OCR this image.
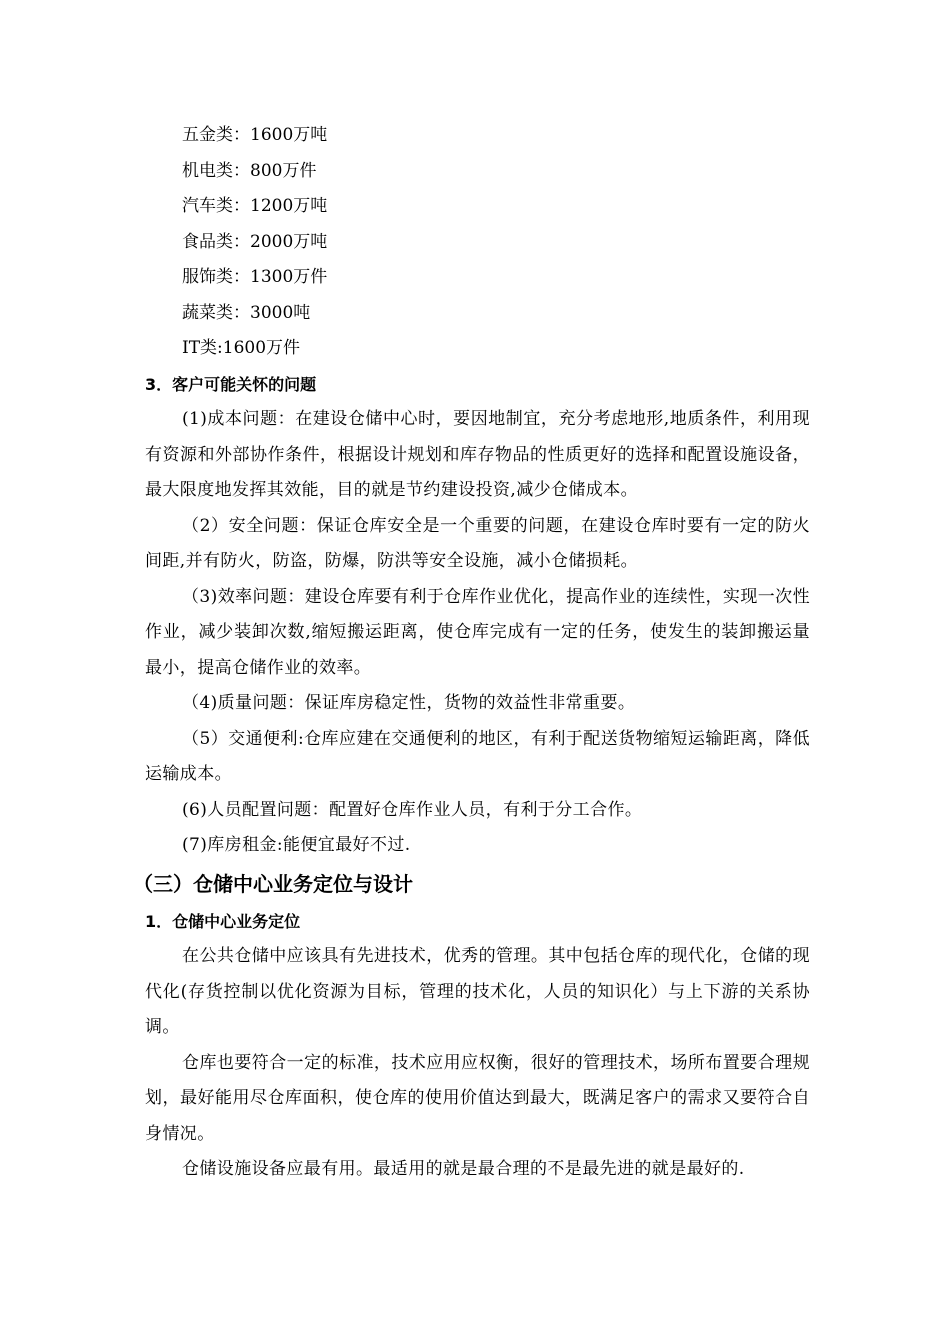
五金类：1600万吨
机电类：800万件
汽车类：1200万吨
食品类：2000万吨
服饰类：1300万件
蔬菜类：3000吨
IT类:1600万件
3．客户可能关怀的问题

(1)成本问题：在建设仓储中心时，要因地制宜，充分考虑地形,地质条件，利用现有资源和外部协作条件，根据设计规划和库存物品的性质更好的选择和配置设施设备，最大限度地发挥其效能，目的就是节约建设投资,减少仓储成本。

（2）安全问题：保证仓库安全是一个重要的问题，在建设仓库时要有一定的防火间距,并有防火，防盗，防爆，防洪等安全设施，减小仓储损耗。

（3)效率问题：建设仓库要有利于仓库作业优化，提高作业的连续性，实现一次性作业，减少装卸次数,缩短搬运距离，使仓库完成有一定的任务，使发生的装卸搬运量最小，提高仓储作业的效率。

（4)质量问题：保证库房稳定性，货物的效益性非常重要。

（5）交通便利:仓库应建在交通便利的地区，有利于配送货物缩短运输距离，降低运输成本。

(6)人员配置问题：配置好仓库作业人员，有利于分工合作。

(7)库房租金:能便宜最好不过.

（三）仓储中心业务定位与设计
1．仓储中心业务定位

在公共仓储中应该具有先进技术，优秀的管理。其中包括仓库的现代化，仓储的现代化(存货控制以优化资源为目标，管理的技术化，人员的知识化）与上下游的关系协调。

仓库也要符合一定的标准，技术应用应权衡，很好的管理技术，场所布置要合理规划，最好能用尽仓库面积，使仓库的使用价值达到最大，既满足客户的需求又要符合自身情况。

仓储设施设备应最有用。最适用的就是最合理的不是最先进的就是最好的.
